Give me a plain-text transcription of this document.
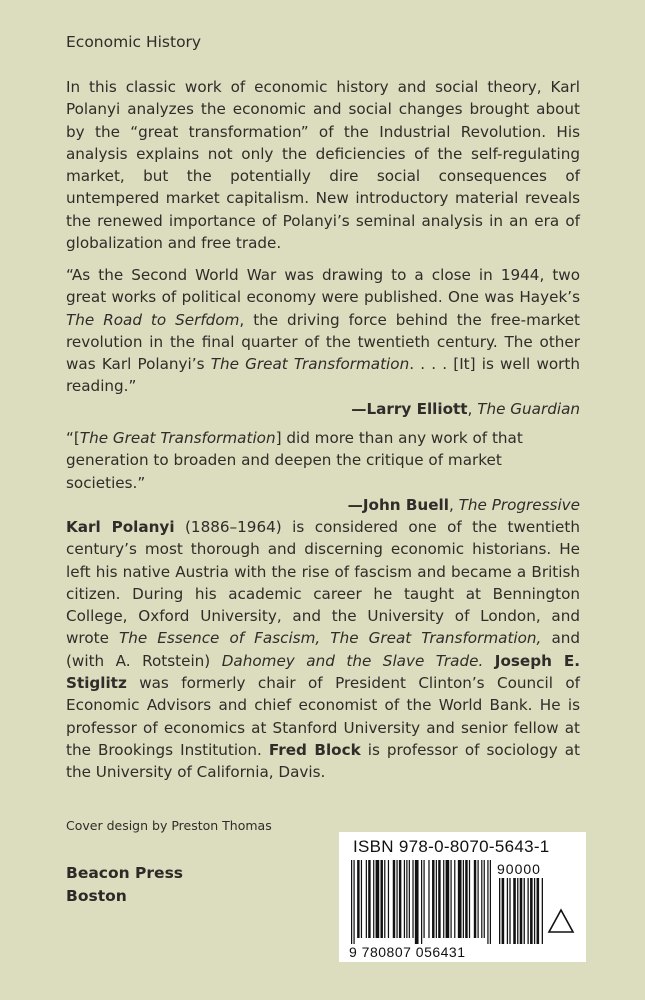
Economic History

In this classic work of economic history and social theory, Karl Polanyi analyzes the economic and social changes brought about by the “great transformation” of the Industrial Revolution. His analysis explains not only the deficiencies of the self-regulating market, but the potentially dire social consequences of untempered market capitalism. New introductory material reveals the renewed importance of Polanyi’s seminal analysis in an era of globalization and free trade.

“As the Second World War was drawing to a close in 1944, two great works of political economy were published. One was Hayek’s The Road to Serfdom, the driving force behind the free-market revolution in the final quarter of the twentieth century. The other was Karl Polanyi’s The Great Transformation. . . . [It] is well worth reading.”

—Larry Elliott, The Guardian

“[The Great Transformation] did more than any work of that generation to broaden and deepen the critique of market societies.”

—John Buell, The Progressive

Karl Polanyi (1886–1964) is considered one of the twentieth century’s most thorough and discerning economic historians. He left his native Austria with the rise of fascism and became a British citizen. During his academic career he taught at Bennington College, Oxford University, and the University of London, and wrote The Essence of Fascism, The Great Transformation, and (with A. Rotstein) Dahomey and the Slave Trade. Joseph E. Stiglitz was formerly chair of President Clinton’s Council of Economic Advisors and chief economist of the World Bank. He is professor of economics at Stanford University and senior fellow at the Brookings Institution. Fred Block is professor of sociology at the University of California, Davis.

Cover design by Preston Thomas
Beacon Press
Boston
ISBN 978-0-8070-5643-1
90000
9 780807 056431
